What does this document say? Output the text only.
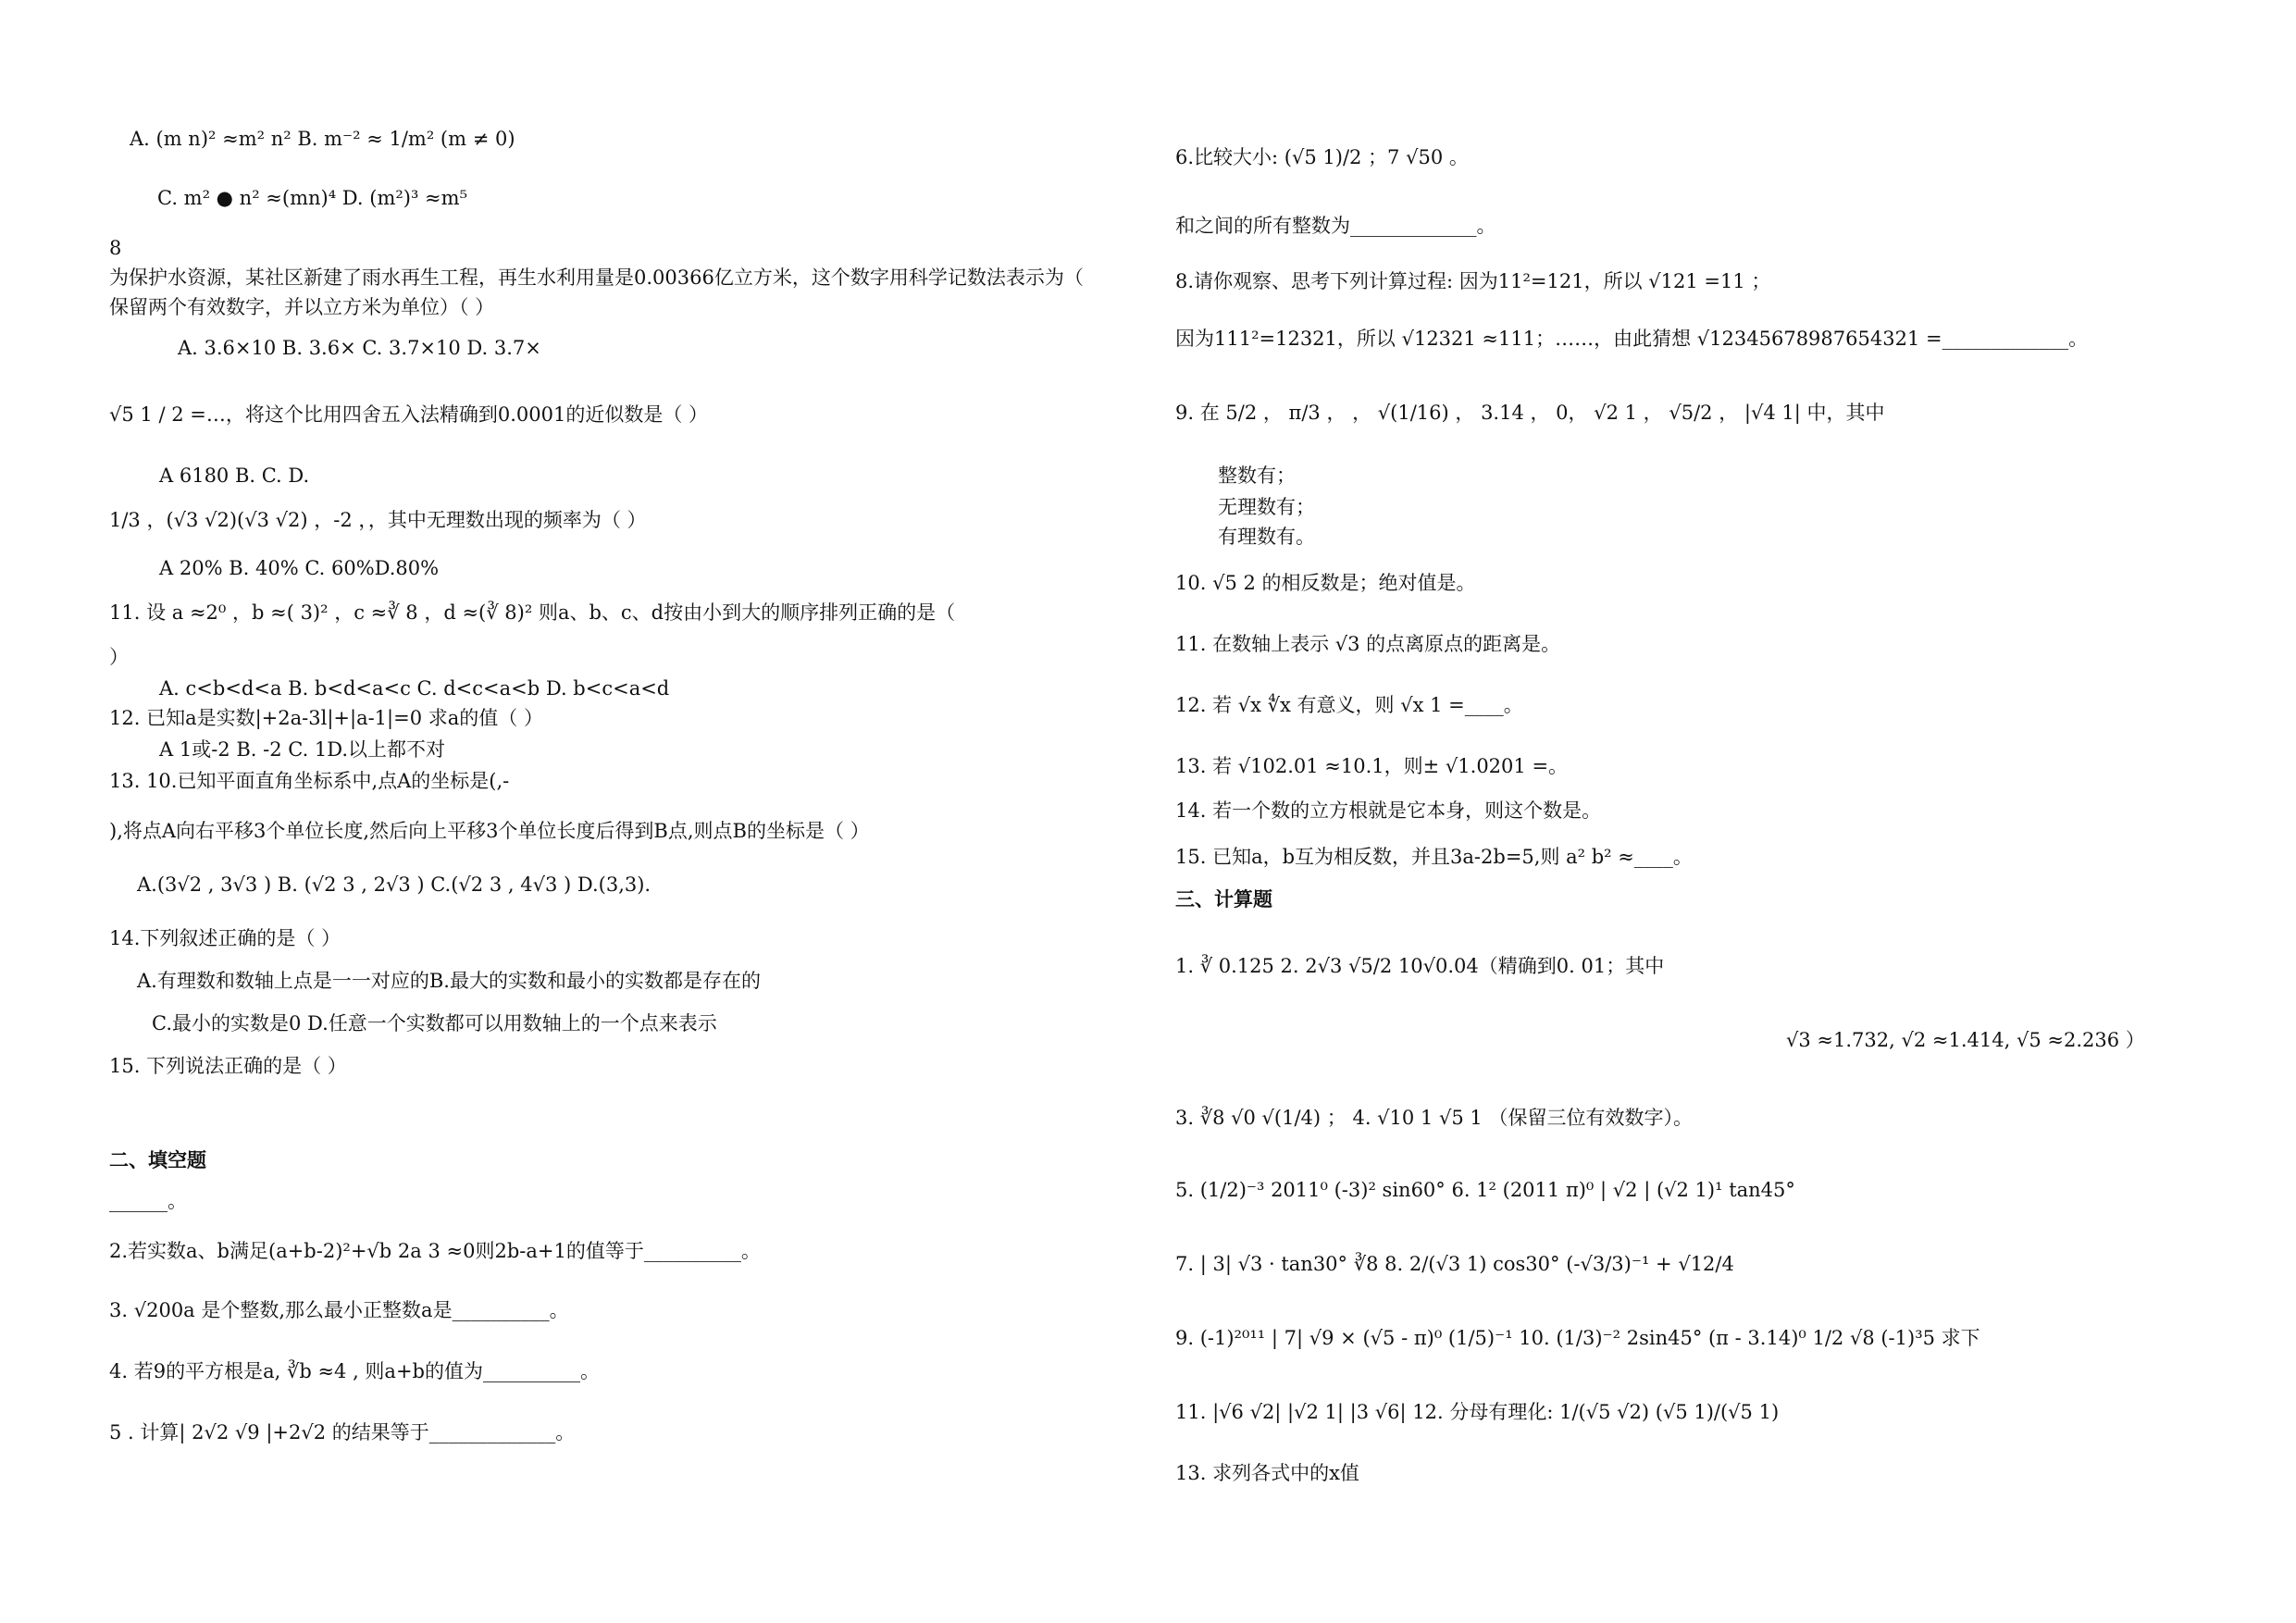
A. (m n)² ≈m² n² B. m⁻² ≈ 1/m² (m ≠ 0)
C. m² ● n² ≈(mn)⁴ D. (m²)³ ≈m⁵
8
为保护水资源，某社区新建了雨水再生工程，再生水利用量是0.00366亿立方米，这个数字用科学记数法表示为（
保留两个有效数字，并以立方米为单位）（ ）
A. 3.6×10 B. 3.6× C. 3.7×10 D. 3.7×
√5 1 / 2 =…，将这个比用四舍五入法精确到0.0001的近似数是（ ）
A 6180 B. C. D.
1/3 ，(√3 √2)(√3 √2) ，-2 ，，其中无理数出现的频率为（ ）
A 20% B. 40% C. 60%D.80%
11. 设 a ≈2⁰ ，b ≈( 3)² ，c ≈∛ 8 ，d ≈(∛ 8)² 则a、b、c、d按由小到大的顺序排列正确的是（
）
A. c<b<d<a B. b<d<a<c C. d<c<a<b D. b<c<a<d
12. 已知a是实数|+2a-3l|+|a-1|=0 求a的值（ ）
A 1或-2 B. -2 C. 1D.以上都不对
13. 10.已知平面直角坐标系中,点A的坐标是(,-
),将点A向右平移3个单位长度,然后向上平移3个单位长度后得到B点,则点B的坐标是（ ）
A.(3√2 , 3√3 ) B. (√2 3 , 2√3 ) C.(√2 3 , 4√3 ) D.(3,3).
14.下列叙述正确的是（ ）
A.有理数和数轴上点是一一对应的B.最大的实数和最小的实数都是存在的
C.最小的实数是0 D.任意一个实数都可以用数轴上的一个点来表示
15. 下列说法正确的是（ ）
______。
2.若实数a、b满足(a+b-2)²+√b 2a 3 ≈0则2b-a+1的值等于__________。
3. √200a 是个整数,那么最小正整数a是__________。
4. 若9的平方根是a, ∛b ≈4 , 则a+b的值为__________。
5 . 计算| 2√2 √9 |+2√2 的结果等于_____________。
6.比较大小: (√5 1)/2 ；7 √50 。
和之间的所有整数为_____________。
8.请你观察、思考下列计算过程: 因为11²=121，所以 √121 =11 ；
因为111²=12321，所以 √12321 ≈111；……，由此猜想 √12345678987654321 =_____________。
9. 在 5/2 ， π/3 ， ， √(1/16) ， 3.14 ， 0， √2 1 ， √5/2 ， |√4 1| 中，其中
整数有；
无理数有；
有理数有。
10. √5 2 的相反数是；绝对值是。
11. 在数轴上表示 √3 的点离原点的距离是。
12. 若 √x ∜x 有意义，则 √x 1 =____。
13. 若 √102.01 ≈10.1，则± √1.0201 =。
14. 若一个数的立方根就是它本身，则这个数是。
15. 已知a，b互为相反数，并且3a-2b=5,则 a² b² ≈____。
1. ∛ 0.125 2. 2√3 √5/2 10√0.04（精确到0. 01；其中
√3 ≈1.732, √2 ≈1.414, √5 ≈2.236 ）
3. ∛8 √0 √(1/4) ； 4. √10 1 √5 1 （保留三位有效数字）。
5. (1/2)⁻³ 2011⁰ (-3)² sin60° 6. 1² (2011 π)⁰ | √2 | (√2 1)¹ tan45°
7. | 3| √3 · tan30° ∛8 8. 2/(√3 1) cos30° (-√3/3)⁻¹ + √12/4
9. (-1)²⁰¹¹ | 7| √9 × (√5 - π)⁰ (1/5)⁻¹ 10. (1/3)⁻² 2sin45° (π - 3.14)⁰ 1/2 √8 (-1)³5 求下
11. |√6 √2| |√2 1| |3 √6| 12. 分母有理化: 1/(√5 √2) (√5 1)/(√5 1)
13. 求列各式中的x值
二、填空题
三、计算题
